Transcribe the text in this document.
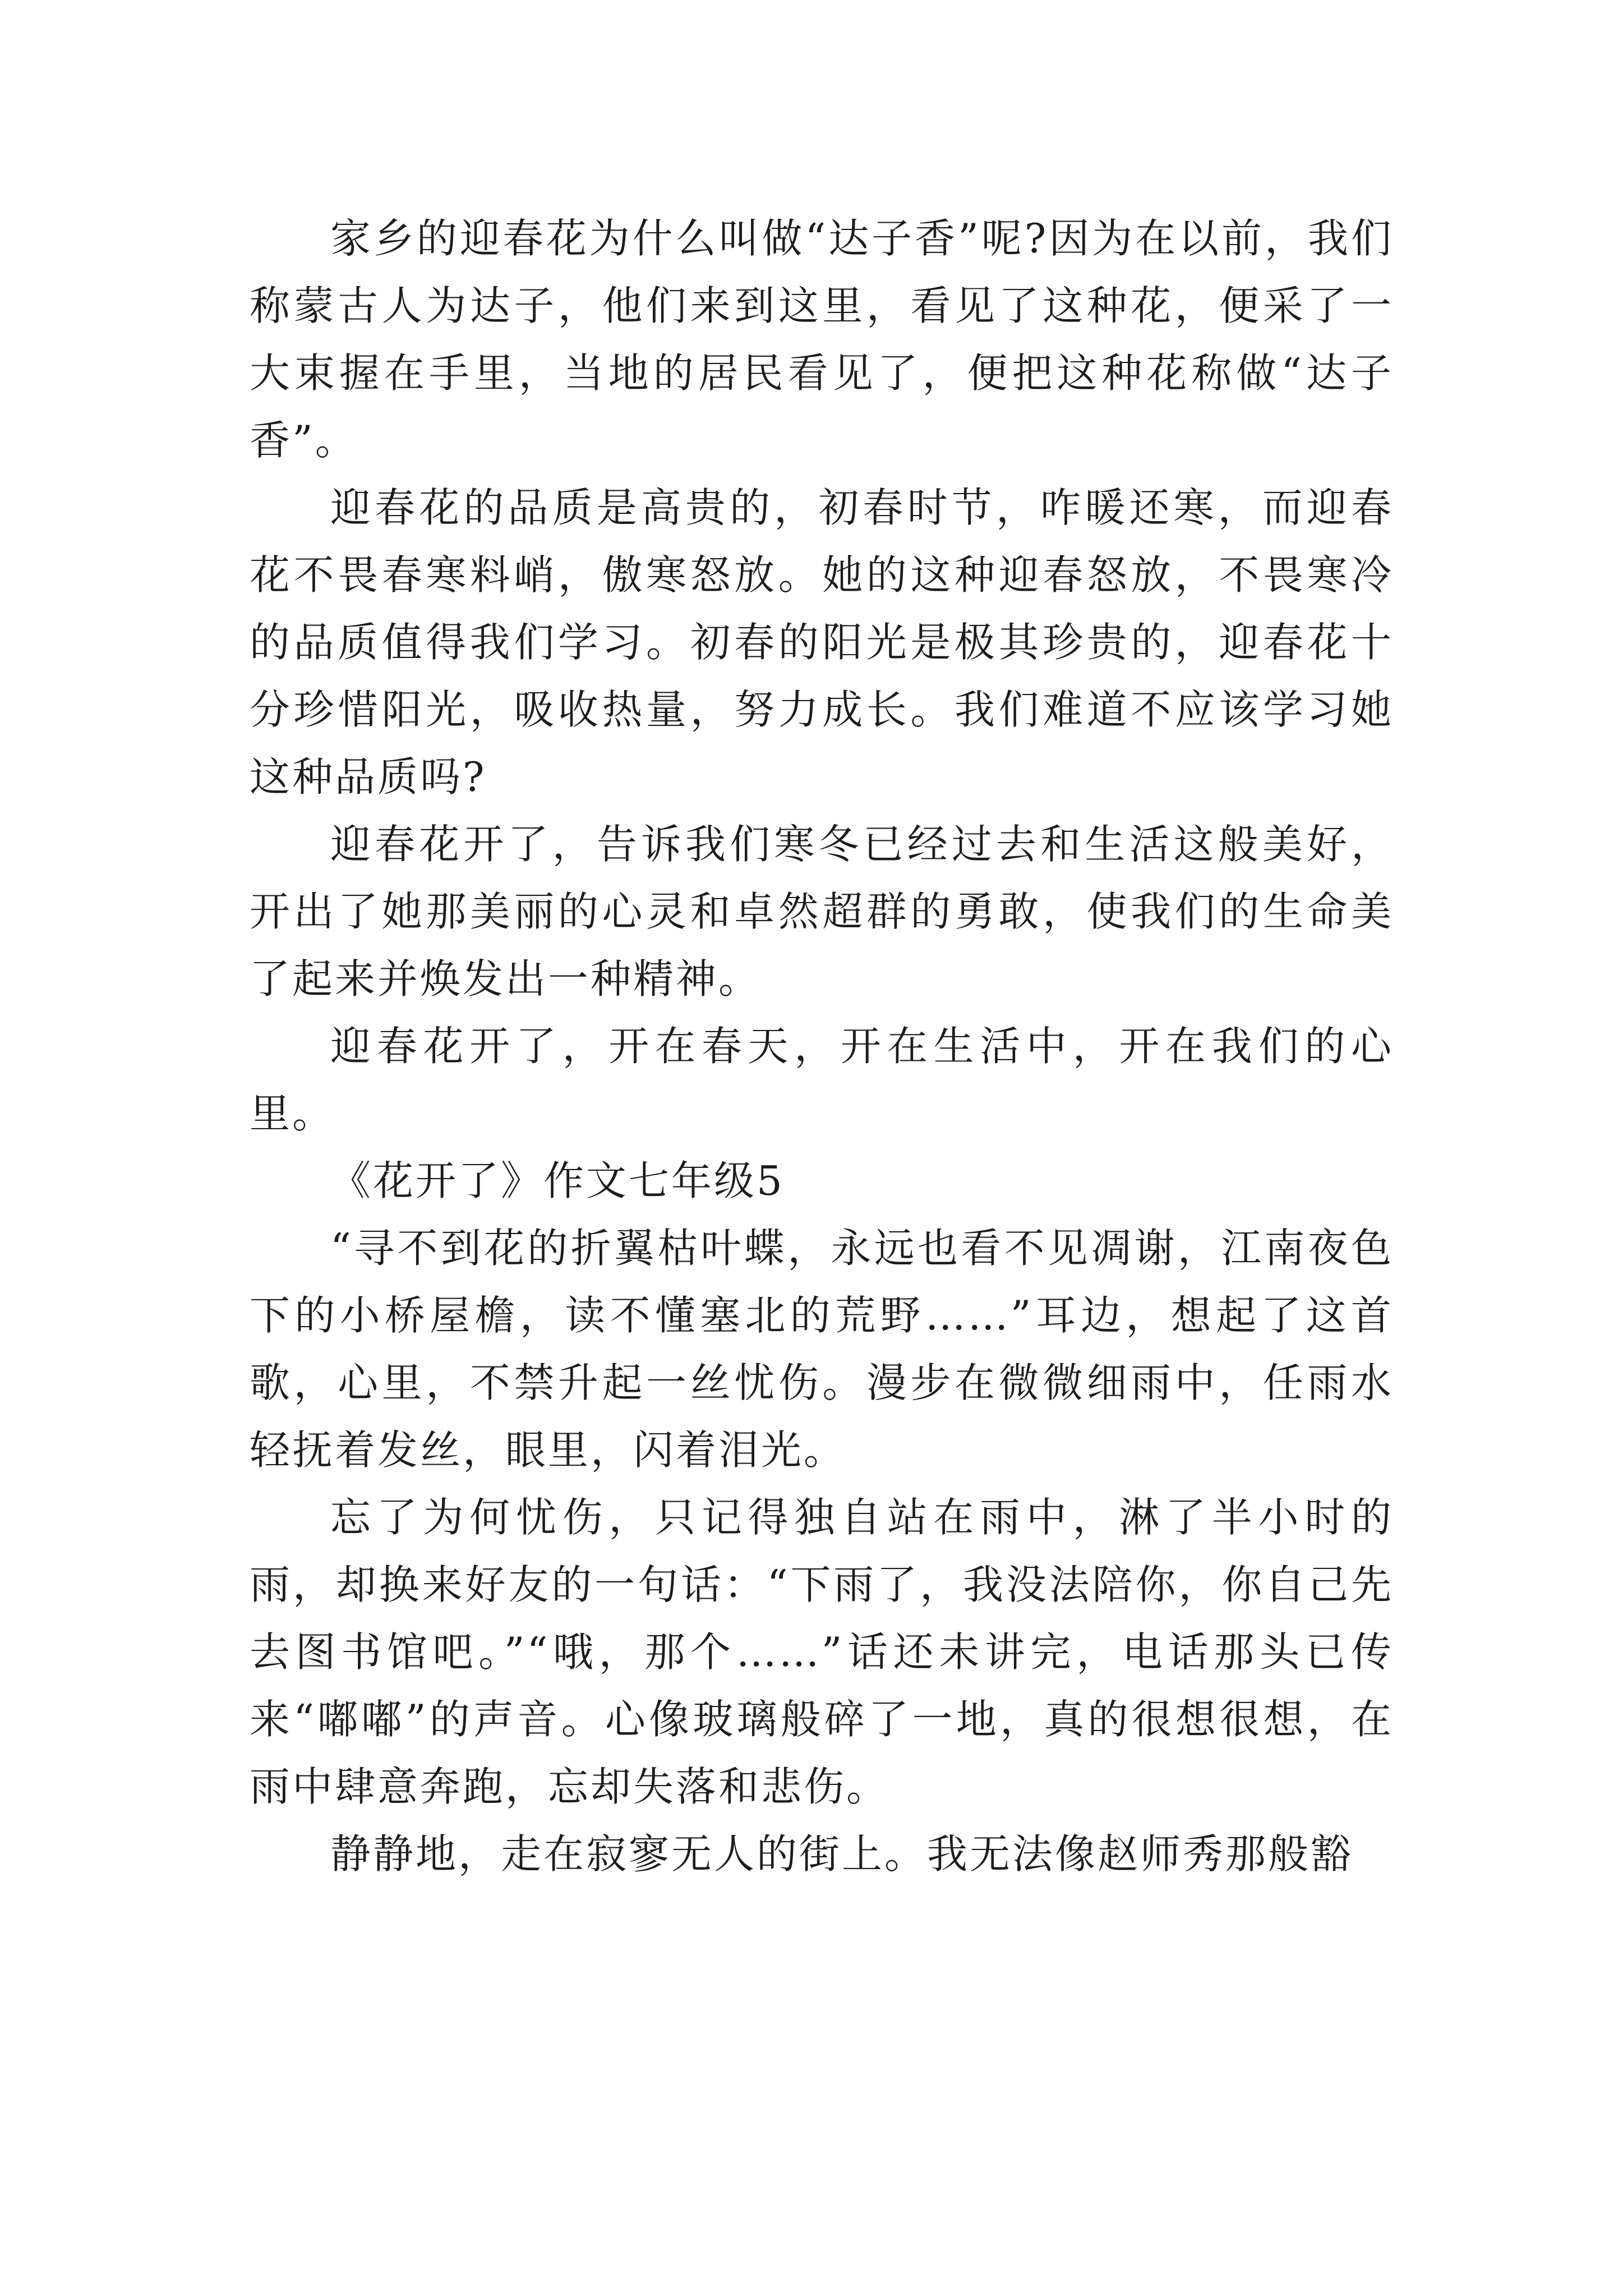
家乡的迎春花为什么叫做“达子香”呢?因为在以前，我们称蒙古人为达子，他们来到这里，看见了这种花，便采了一大束握在手里，当地的居民看见了，便把这种花称做“达子香”。

迎春花的品质是高贵的，初春时节，咋暖还寒，而迎春花不畏春寒料峭，傲寒怒放。她的这种迎春怒放，不畏寒冷的品质值得我们学习。初春的阳光是极其珍贵的，迎春花十分珍惜阳光，吸收热量，努力成长。我们难道不应该学习她这种品质吗?

迎春花开了，告诉我们寒冬已经过去和生活这般美好，开出了她那美丽的心灵和卓然超群的勇敢，使我们的生命美了起来并焕发出一种精神。

迎春花开了，开在春天，开在生活中，开在我们的心里。

《花开了》作文七年级5

“寻不到花的折翼枯叶蝶，永远也看不见凋谢，江南夜色下的小桥屋檐，读不懂塞北的荒野……”耳边，想起了这首歌，心里，不禁升起一丝忧伤。漫步在微微细雨中，任雨水轻抚着发丝，眼里，闪着泪光。

忘了为何忧伤，只记得独自站在雨中，淋了半小时的雨，却换来好友的一句话：“下雨了，我没法陪你，你自己先去图书馆吧。”“哦，那个……”话还未讲完，电话那头已传来“嘟嘟”的声音。心像玻璃般碎了一地，真的很想很想，在雨中肆意奔跑，忘却失落和悲伤。

静静地，走在寂寥无人的街上。我无法像赵师秀那般豁
